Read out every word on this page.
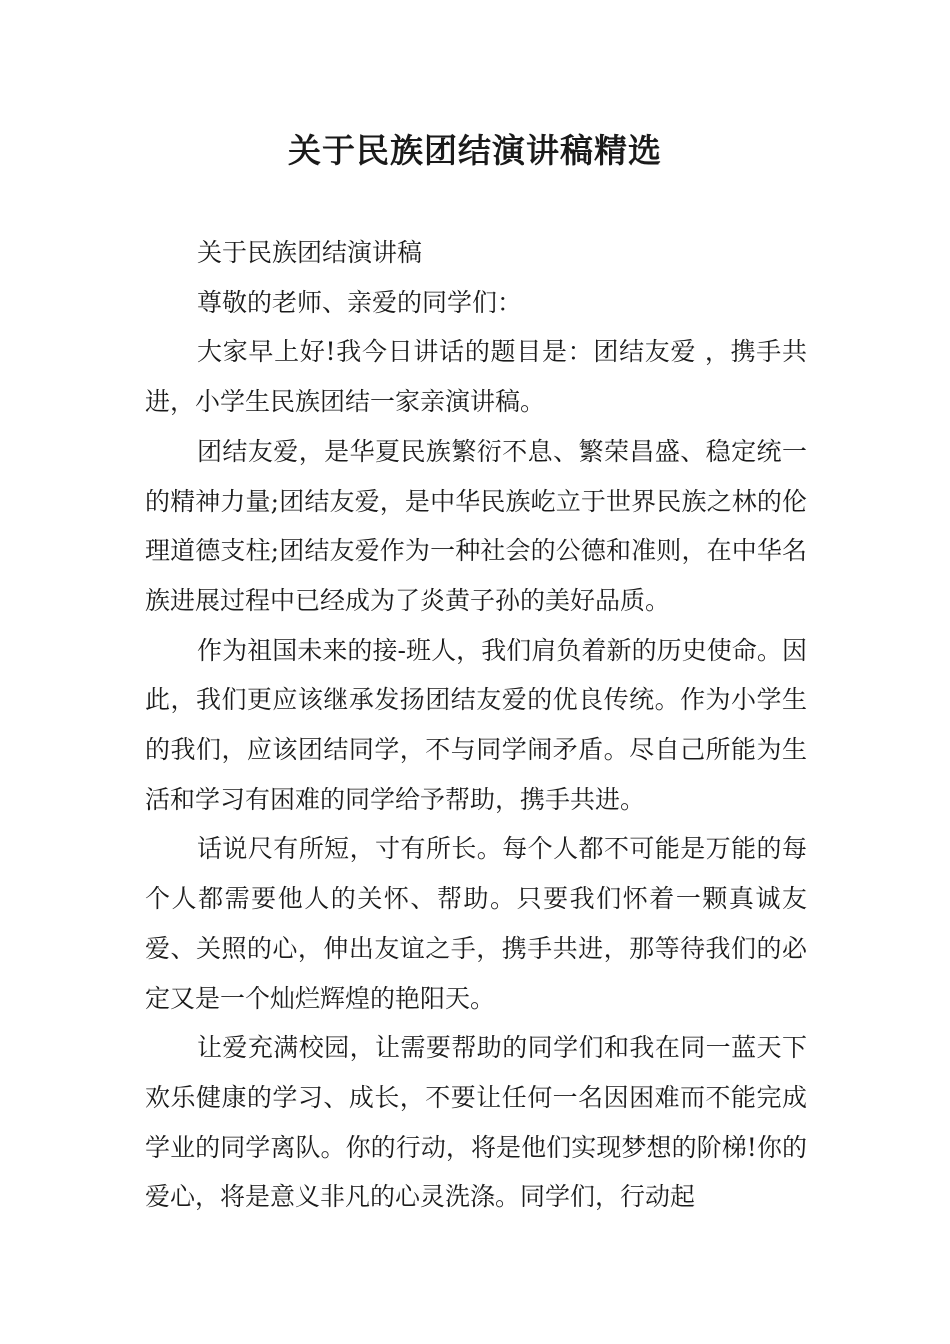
关于民族团结演讲稿精选

关于民族团结演讲稿

尊敬的老师、亲爱的同学们：

大家早上好!我今日讲话的题目是：团结友爱 ，携手共进，小学生民族团结一家亲演讲稿。

团结友爱，是华夏民族繁衍不息、繁荣昌盛、稳定统一的精神力量;团结友爱，是中华民族屹立于世界民族之林的伦理道德支柱;团结友爱作为一种社会的公德和准则，在中华名族进展过程中已经成为了炎黄子孙的美好品质。

作为祖国未来的接-班人，我们肩负着新的历史使命。因此，我们更应该继承发扬团结友爱的优良传统。作为小学生的我们，应该团结同学，不与同学闹矛盾。尽自己所能为生活和学习有困难的同学给予帮助，携手共进。

话说尺有所短，寸有所长。每个人都不可能是万能的每个人都需要他人的关怀、帮助。只要我们怀着一颗真诚友爱、关照的心，伸出友谊之手，携手共进，那等待我们的必定又是一个灿烂辉煌的艳阳天。

让爱充满校园，让需要帮助的同学们和我在同一蓝天下欢乐健康的学习、成长，不要让任何一名因困难而不能完成学业的同学离队。你的行动，将是他们实现梦想的阶梯!你的爱心，将是意义非凡的心灵洗涤。同学们，行动起
